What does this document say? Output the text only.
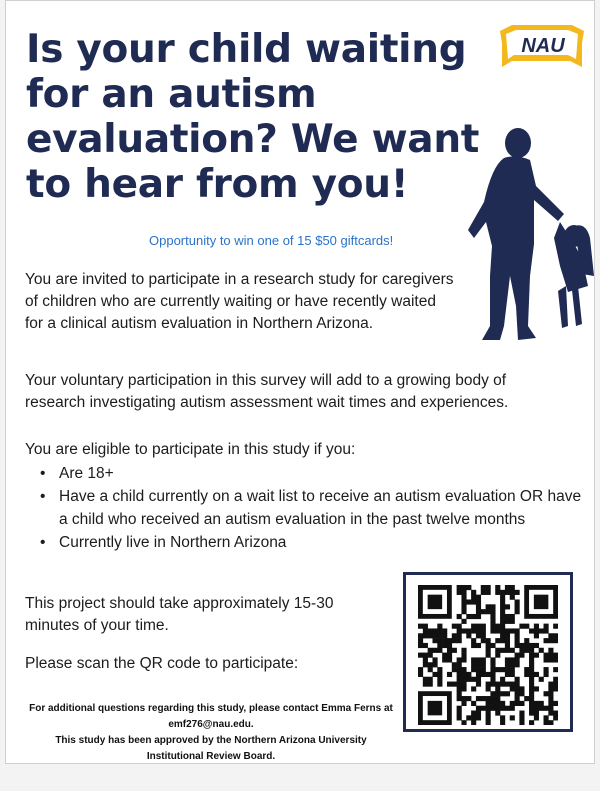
Is your child waiting for an autism evaluation? We want to hear from you!
Opportunity to win one of 15 $50 giftcards!
NAU

You are invited to participate in a research study for caregivers of children who are currently waiting or have recently waited for a clinical autism evaluation in Northern Arizona.

Your voluntary participation in this survey will add to a growing body of research investigating autism assessment wait times and experiences.

You are eligible to participate in this study if you:

• Are 18+
• Have a child currently on a wait list to receive an autism evaluation OR have a child who received an autism evaluation in the past twelve months
• Currently live in Northern Arizona

This project should take approximately 15-30 minutes of your time.

Please scan the QR code to participate:

For additional questions regarding this study, please contact Emma Ferns at emf276@nau.edu.
This study has been approved by the Northern Arizona University Institutional Review Board.
